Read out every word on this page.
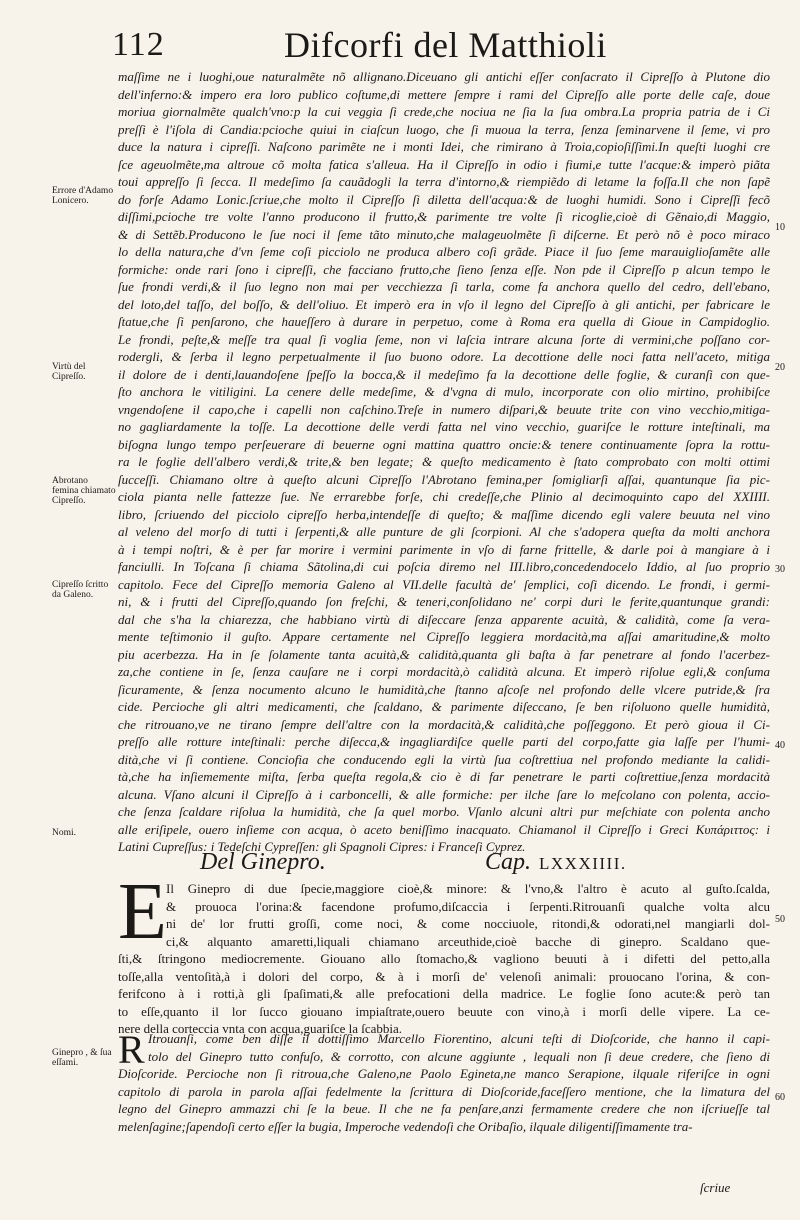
112	Difcorfi del Matthioli
maſſime ne i luoghi,oue naturalmẽte nõ allignano.Diceuano gli antichi eſſer conſacrato il Cipreſſo à Plutone dio
dell'inferno:& impero era loro publico coſtume,di mettere ſempre i rami del Cipreſſo alle porte delle caſe, doue
moriua giornalmẽte qualch'vno:p la cui veggia ſi crede,che nociua ne ſia la ſua ombra.La propria patria de i Ci
preſſi è l'iſola di Candia:pcioche quiui in ciaſcun luogo, che ſi muoua la terra, ſenza ſeminarvene il ſeme, vi pro
duce la natura i cipreſſi. Naſcono parimẽte ne i monti Idei, che rimirano à Troia,copioſiſſimi.In queſti luoghi cre
ſce ageuolmẽte,ma altroue cõ molta fatica s'alleua. Ha il Cipreſſo in odio i fiumi,e tutte l'acque:& imperò piãta
toui appreſſo ſi ſecca. Il medeſimo ſa cauãdogli la terra d'intorno,& riempiẽdo di letame la foſſa.Il che non ſapẽ
do forſe Adamo Lonic.ſcriue,che molto il Cipreſſo ſi diletta dell'acqua:& de luoghi humidi. Sono i Cipreſſi fecõ
diſſimi,pcioche tre volte l'anno producono il frutto,& parimente tre volte ſi ricoglie,cioè di Gẽnaio,di Maggio,
& di Settẽb.Producono le ſue noci il ſeme tãto minuto,che malageuolmẽte ſi diſcerne. Et però nõ è poco miraco
lo della natura,che d'vn ſeme coſi picciolo ne produca albero coſi grãde. Piace il ſuo ſeme marauiglioſamẽte alle
formiche: onde rari ſono i cipreſſi, che facciano frutto,che ſieno ſenza eſſe. Non pde il Cipreſſo p alcun tempo le
ſue frondi verdi,& il ſuo legno non mai per vecchiezza ſi tarla, come fa anchora quello del cedro, dell'ebano,
del loto,del taſſo, del boſſo, & dell'oliuo. Et imperò era in vſo il legno del Cipreſſo à gli antichi, per fabricare le
ſtatue,che ſi penſarono, che haueſſero à durare in perpetuo, come à Roma era quella di Gioue in Campidoglio.
Le frondi, peſte,& meſſe tra qual ſi voglia ſeme, non vi laſcia intrare alcuna ſorte di vermini,che poſſano cor-
rodergli, & ſerba il legno perpetualmente il ſuo buono odore. La decottione delle noci fatta nell'aceto, mitiga
il dolore de i denti,lauandoſene ſpeſſo la bocca,& il medeſimo fa la decottione delle foglie, & curanſi con que-
ſto anchora le vitiligini. La cenere delle medeſime, & d'vgna di mulo, incorporate con olio mirtino, prohibiſce
vngendoſene il capo,che i capelli non caſchino.Treſe in numero diſpari,& beuute trite con vino vecchio,mitiga-
no gagliardamente la toſſe. La decottione delle verdi fatta nel vino vecchio, guariſce le rotture inteſtinali, ma
biſogna lungo tempo perſeuerare di beuerne ogni mattina quattro oncie:& tenere continuamente ſopra la rottu-
ra le foglie dell'albero verdi,& trite,& ben legate; & queſto medicamento è ſtato comprobato con molti ottimi
ſucceſſi. Chiamano oltre à queſto alcuni Cipreſſo l'Abrotano femina,per ſomigliarſi aſſai, quantunque ſia pic-
ciola pianta nelle fattezze ſue. Ne errarebbe forſe, chi credeſſe,che Plinio al decimoquinto capo del XXIIII.
libro, ſcriuendo del picciolo cipreſſo herba,intendeſſe di queſto; & maſſime dicendo egli valere beuuta nel vino
al veleno del morſo di tutti i ſerpenti,& alle punture de gli ſcorpioni. Al che s'adopera queſta da molti anchora
à i tempi noſtri, & è per far morire i vermini parimente in vſo di farne frittelle, & darle poi à mangiare à i
fanciulli. In Toſcana ſi chiama Sãtolina,di cui poſcia diremo nel III.libro,concedendocelo Iddio, al ſuo proprio
capitolo. Fece del Cipreſſo memoria Galeno al VII.delle facultà de' ſemplici, coſi dicendo. Le frondi, i germi-
ni, & i frutti del Cipreſſo,quando ſon freſchi, & teneri,conſolidano ne' corpi duri le ferite,quantunque grandi:
dal che s'ha la chiarezza, che habbiano virtù di diſeccare ſenza apparente acuità, & calidità, come ſa vera-
mente teſtimonio il guſto. Appare certamente nel Cipreſſo leggiera mordacità,ma aſſai amaritudine,& molto
piu acerbezza. Ha in ſe ſolamente tanta acuità,& calidità,quanta gli baſta à far penetrare al fondo l'acerbez-
za,che contiene in ſe, ſenza cauſare ne i corpi mordacità,ò calidità alcuna. Et imperò riſolue egli,& conſuma
ſicuramente, & ſenza nocumento alcuno le humidità,che ſtanno aſcoſe nel profondo delle vlcere putride,& ſra
cide. Percioche gli altri medicamenti, che ſcaldano, & parimente diſeccano, ſe ben riſoluono quelle humidità,
che ritrouano,ve ne tirano ſempre dell'altre con la mordacità,& calidità,che poſſeggono. Et però gioua il Ci-
preſſo alle rotture inteſtinali: perche diſecca,& ingagliardiſce quelle parti del corpo,fatte gia laſſe per l'humi-
dità,che vi ſi contiene. Conciofia che conducendo egli la virtù ſua coſtrettiua nel profondo mediante la calidi-
tà,che ha inſiememente miſta, ſerba queſta regola,& cio è di far penetrare le parti coſtrettiue,ſenza mordacità
alcuna. Vſano alcuni il Cipreſſo à i carboncelli, & alle formiche: per ilche ſare lo meſcolano con polenta, accio-
che ſenza ſcaldare riſolua la humidità, che ſa quel morbo. Vſanlo alcuni altri pur meſchiate con polenta ancho
alle eriſipele, ouero inſieme con acqua, ò aceto beniſſimo inacquato. Chiamanol il Cipreſſo i Greci Κυπάριττος: i
Latini Cupreſſus: i Tedeſchi Cypreſſen: gli Spagnoli Cipres: i Franceſi Cyprez.
Errore d'Adamo Lonicero.
Virtù del Cipreſſo.
Abrotano femina chiamato Cipreſſo.
Cipreſſo ſcritto da Galeno.
Nomi.
Ginepro , & ſua eſſami.
10
20
30
40
50
60
Del Ginepro.	Cap. LXXXIIII.
E Il Ginepro di due ſpecie,maggiore cioè,& minore: & l'vno,& l'altro è acuto al guſto.ſcalda,
& prouoca l'orina:& facendone profumo,diſcaccia i ſerpenti.Ritrouanſi qualche volta alcu
ni de' lor frutti groſſi, come noci, & come nocciuole, ritondi,& odorati,nel mangiarli dol-
ci,& alquanto amaretti,liquali chiamano arceuthide,cioè bacche di ginepro. Scaldano que-
ſti,& ſtringono mediocremente. Giouano allo ſtomacho,& vagliono beuuti à i difetti del petto,alla
toſſe,alla ventoſità,à i dolori del corpo, & à i morſi de' velenoſi animali: prouocano l'orina, & con-
ferifcono à i rotti,à gli ſpaſimati,& alle prefocationi della madrice. Le foglie ſono acute:& però tan
to eſſe,quanto il lor ſucco giouano impiaſtrate,ouero beuute con vino,à i morſi delle vipere. La ce-
nere della corteccia vnta con acqua,guariſce la ſcabbia.
R Itrouanſi, come ben diſſe il dottiſſimo Marcello Fiorentino, alcuni teſti di Dioſcoride, che hanno il capi-
tolo del Ginepro tutto confuſo, & corrotto, con alcune aggiunte , lequali non ſi deue credere, che ſieno di
Dioſcoride. Percioche non ſi ritroua,che Galeno,ne Paolo Egineta,ne manco Serapione, ilquale riferiſce in ogni
capitolo di parola in parola aſſai fedelmente la ſcrittura di Dioſcoride,faceſſero mentione, che la limatura del
legno del Ginepro ammazzi chi ſe la beue. Il che ne fa penſare,anzi fermamente credere che non iſcriueſſe tal
melenſagine;ſapendoſi certo eſſer la bugia, Imperoche vedendoſi che Oribaſio, ilquale diligentiſſimamente tra-
ſcriue
